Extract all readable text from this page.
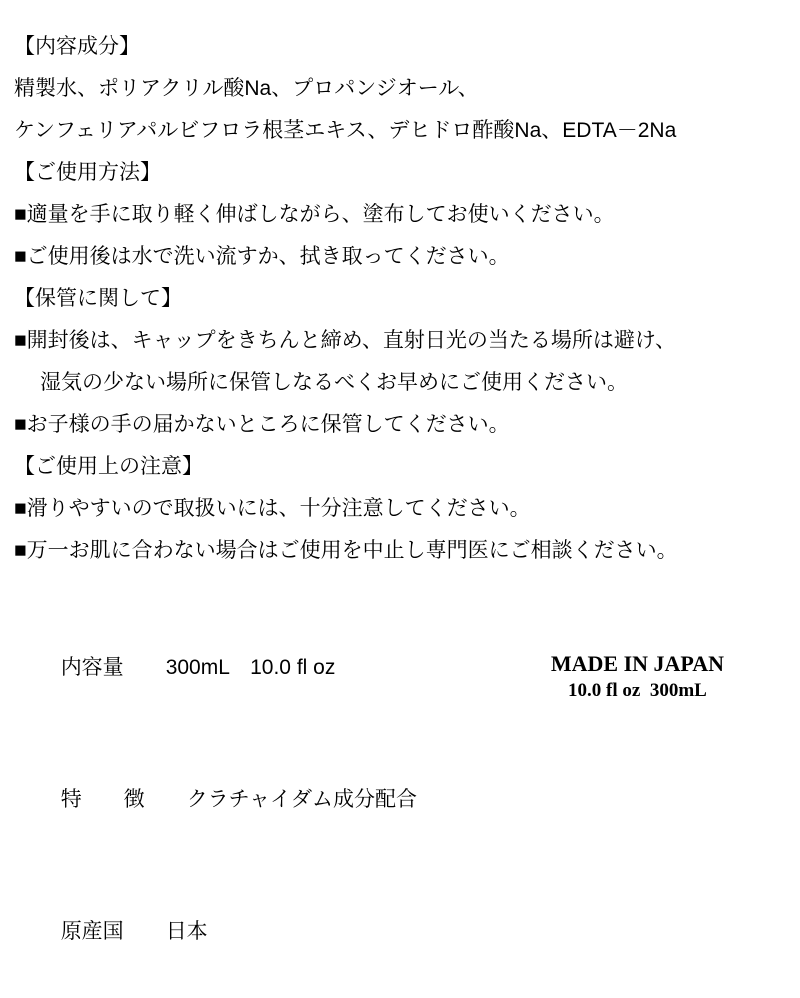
【内容成分】
精製水、ポリアクリル酸Na、プロパンジオール、
ケンフェリアパルビフロラ根茎エキス、デヒドロ酢酸Na、EDTA－2Na
【ご使用方法】
■適量を手に取り軽く伸ばしながら、塗布してお使いください。
■ご使用後は水で洗い流すか、拭き取ってください。
【保管に関して】
■開封後は、キャップをきちんと締め、直射日光の当たる場所は避け、
湿気の少ない場所に保管しなるべくお早めにご使用ください。
■お子様の手の届かないところに保管してください。
【ご使用上の注意】
■滑りやすいので取扱いには、十分注意してください。
■万一お肌に合わない場合はご使用を中止し専門医にご相談ください。

内容量　　 300mL　10.0 fl oz

特　　徴　　 クラチャイダム成分配合

原産国　　 日本

MADE IN JAPAN
10.0 fl oz  300mL
